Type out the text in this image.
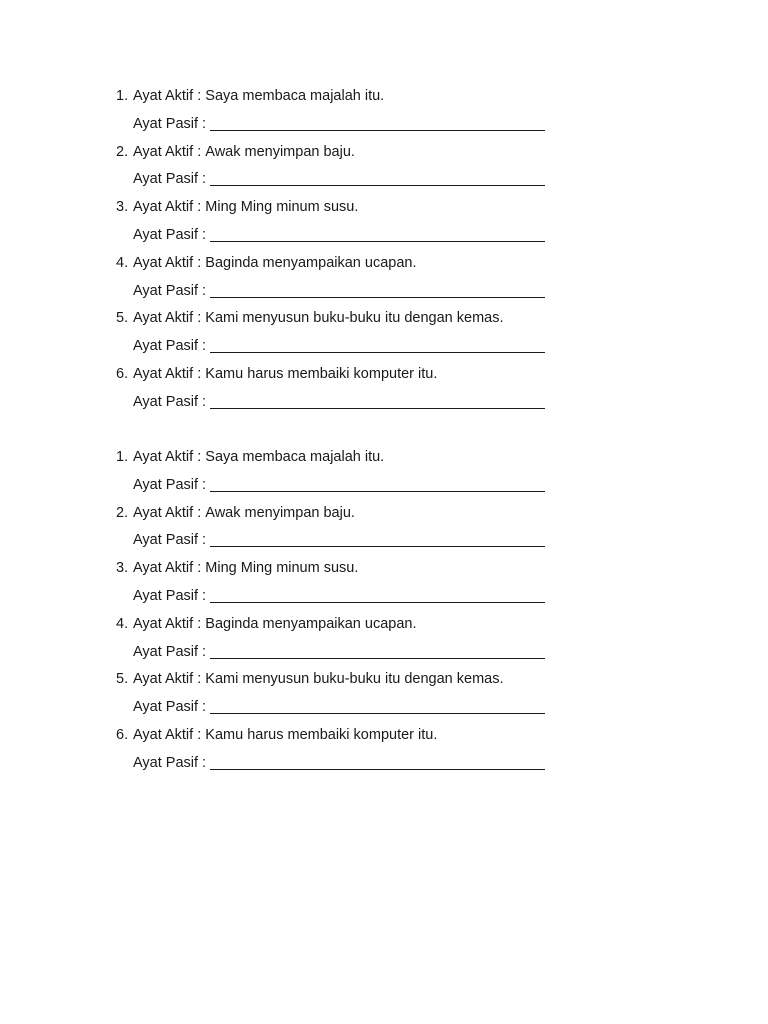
1. Ayat Aktif :
Saya membaca majalah itu.
Ayat Pasif :
2. Ayat Aktif :
Awak menyimpan baju.
Ayat Pasif :
3. Ayat Aktif :
Ming Ming minum susu.
Ayat Pasif :
4. Ayat Aktif :
Baginda menyampaikan ucapan.
Ayat Pasif :
5. Ayat Aktif :
Kami menyusun buku-buku itu dengan kemas.
Ayat Pasif :
6. Ayat Aktif :
Kamu harus membaiki komputer itu.
Ayat Pasif :
1. Ayat Aktif :
Saya membaca majalah itu.
Ayat Pasif :
2. Ayat Aktif :
Awak menyimpan baju.
Ayat Pasif :
3. Ayat Aktif :
Ming Ming minum susu.
Ayat Pasif :
4. Ayat Aktif :
Baginda menyampaikan ucapan.
Ayat Pasif :
5. Ayat Aktif :
Kami menyusun buku-buku itu dengan kemas.
Ayat Pasif :
6. Ayat Aktif :
Kamu harus membaiki komputer itu.
Ayat Pasif :
